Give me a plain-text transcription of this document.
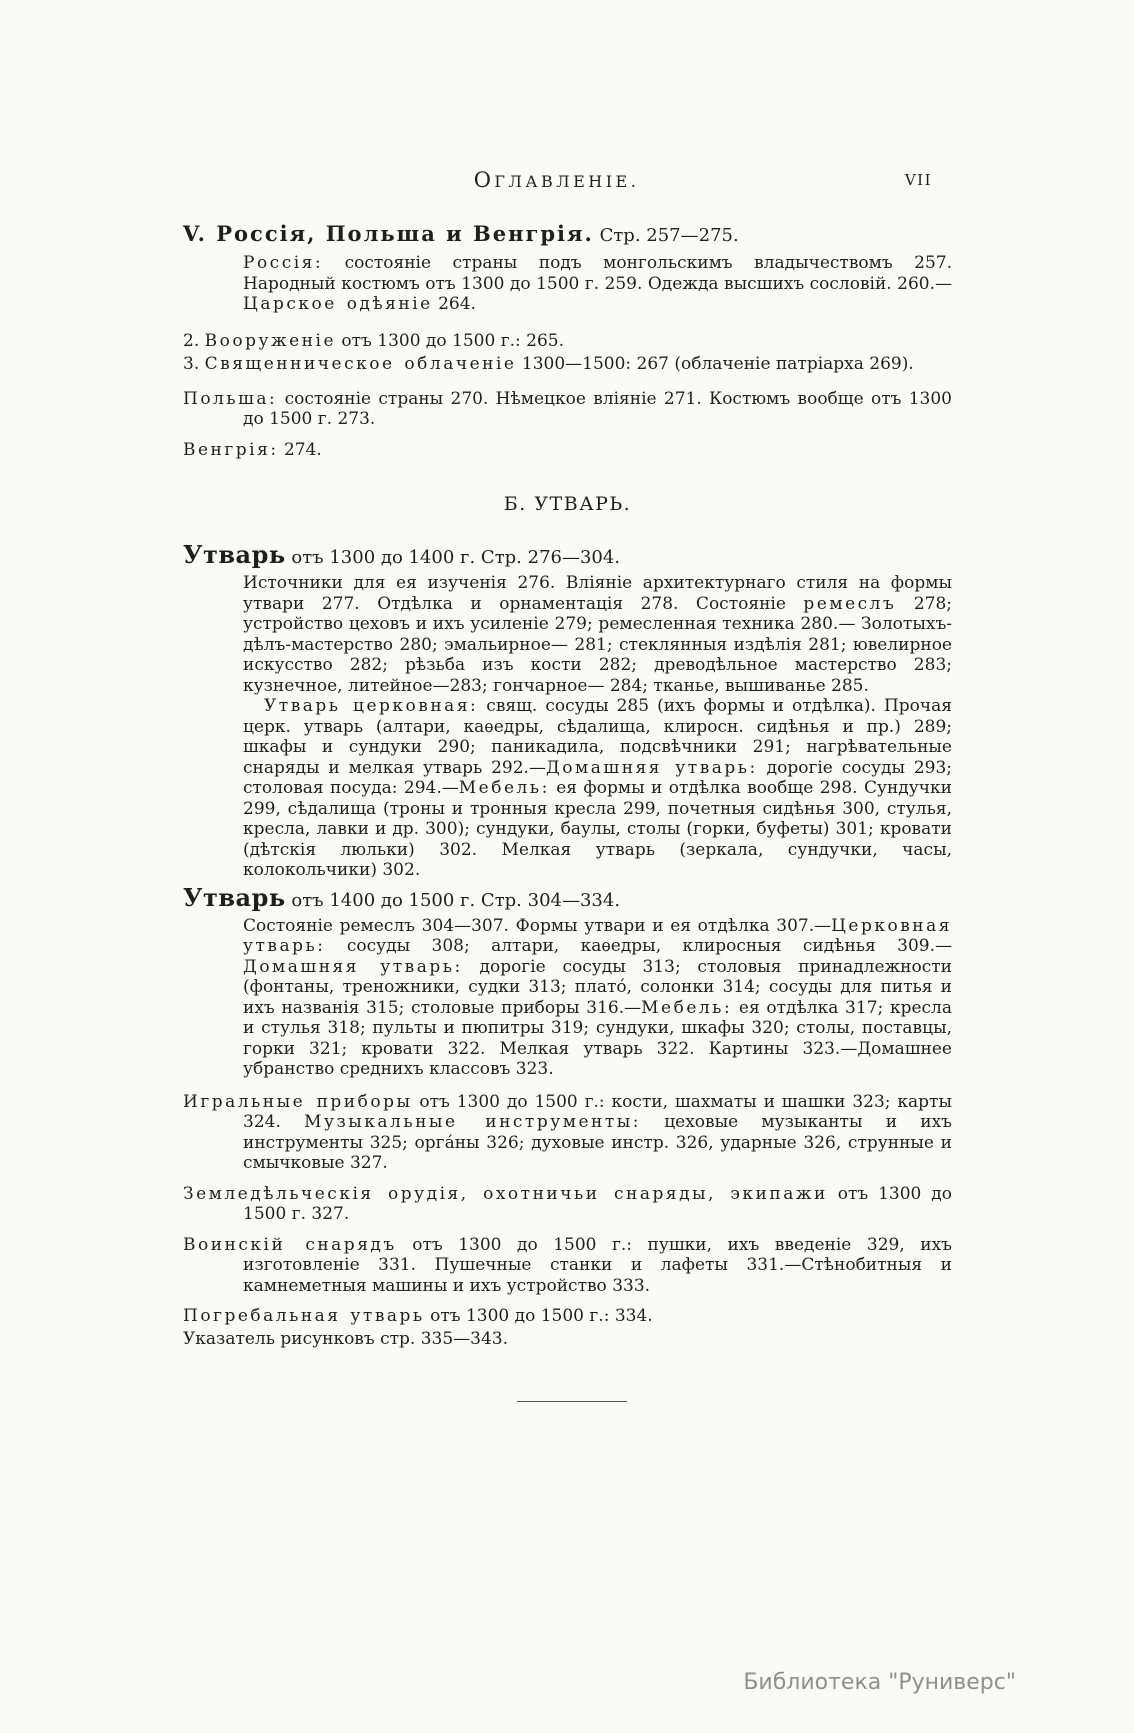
ОГЛАВЛЕНІЕ.	VII
V. Россія, Польша и Венгрія. Стр. 257—275.

Россія: состояніе страны подъ монгольскимъ владычествомъ 257. Народный костюмъ отъ 1300 до 1500 г. 259. Одежда высшихъ сословій. 260.—Царское одѣяніе 264.

2. Вооруженіе отъ 1300 до 1500 г.: 265.

3. Священническое облаченіе 1300—1500: 267 (облаченіе патріарха 269).

Польша: состояніе страны 270. Нѣмецкое вліяніе 271. Костюмъ вообще отъ 1300 до 1500 г. 273.

Венгрія: 274.

Б. УТВАРЬ.
Утварь отъ 1300 до 1400 г. Стр. 276—304.

Источники для ея изученія 276. Вліяніе архитектурнаго стиля на формы утвари 277. Отдѣлка и орнаментація 278. Состояніе ремеслъ 278; устройство цеховъ и ихъ усиленіе 279; ремесленная техника 280.— Золотыхъ-дѣлъ-мастерство 280; эмальирное— 281; стеклянныя издѣлія 281; ювелирное искусство 282; рѣзьба изъ кости 282; древодѣльное мастерство 283; кузнечное, литейное—283; гончарное— 284; тканье, вышиванье 285.

Утварь церковная: свящ. сосуды 285 (ихъ формы и отдѣлка). Прочая церк. утварь (алтари, каѳедры, сѣдалища, клиросн. сидѣнья и пр.) 289; шкафы и сундуки 290; паникадила, подсвѣчники 291; нагрѣвательные снаряды и мелкая утварь 292.—Домашняя утварь: дорогіе сосуды 293; столовая посуда: 294.—Мебель: ея формы и отдѣлка вообще 298. Сундучки 299, сѣдалища (троны и тронныя кресла 299, почетныя сидѣнья 300, стулья, кресла, лавки и др. 300); сундуки, баулы, столы (горки, буфеты) 301; кровати (дѣтскія люльки) 302. Мелкая утварь (зеркала, сундучки, часы, колокольчики) 302.

Утварь отъ 1400 до 1500 г. Стр. 304—334.

Состояніе ремеслъ 304—307. Формы утвари и ея отдѣлка 307.—Церковная утварь: сосуды 308; алтари, каѳедры, клиросныя сидѣнья 309.—Домашняя утварь: дорогіе сосуды 313; столовыя принадлежности (фонтаны, треножники, судки 313; плато́, солонки 314; сосуды для питья и ихъ названія 315; столовые приборы 316.—Мебель: ея отдѣлка 317; кресла и стулья 318; пульты и пюпитры 319; сундуки, шкафы 320; столы, поставцы, горки 321; кровати 322. Мелкая утварь 322. Картины 323.—Домашнее убранство среднихъ классовъ 323.

Игральные приборы отъ 1300 до 1500 г.: кости, шахматы и шашки 323; карты 324. Музыкальные инструменты: цеховые музыканты и ихъ инструменты 325; орга́ны 326; духовые инстр. 326, ударные 326, струнные и смычковые 327.

Земледѣльческія орудія, охотничьи снаряды, экипажи отъ 1300 до 1500 г. 327.

Воинскій снарядъ отъ 1300 до 1500 г.: пушки, ихъ введеніе 329, ихъ изготовленіе 331. Пушечные станки и лафеты 331.—Стѣнобитныя и камнеметныя машины и ихъ устройство 333.

Погребальная утварь отъ 1300 до 1500 г.: 334.

Указатель рисунковъ стр. 335—343.

Библиотека "Руниверс"
